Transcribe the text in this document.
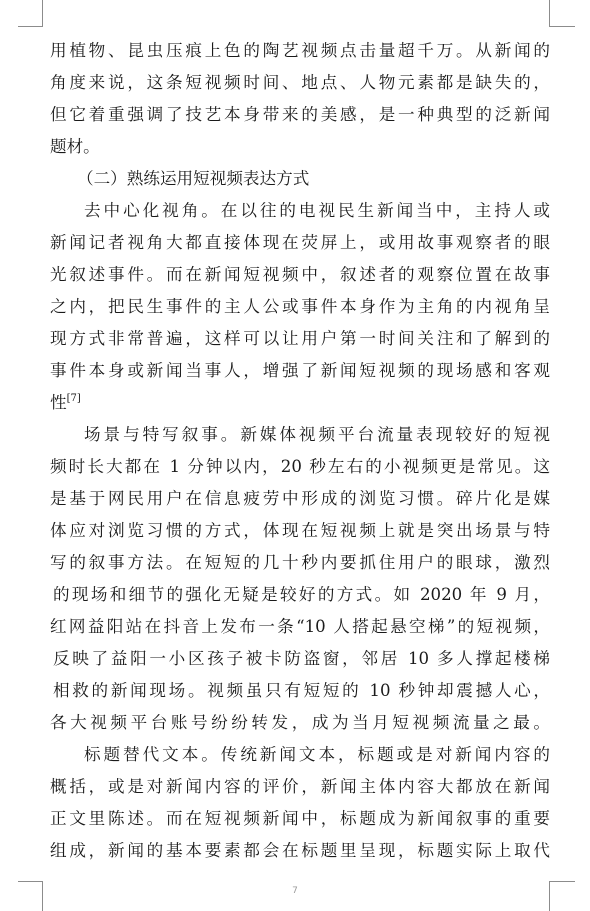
用植物、昆虫压痕上色的陶艺视频点击量超千万。从新闻的
角度来说，这条短视频时间、地点、人物元素都是缺失的，
但它着重强调了技艺本身带来的美感，是一种典型的泛新闻
题材。
（二）熟练运用短视频表达方式
去中心化视角。在以往的电视民生新闻当中，主持人或
新闻记者视角大都直接体现在荧屏上，或用故事观察者的眼
光叙述事件。而在新闻短视频中，叙述者的观察位置在故事
之内，把民生事件的主人公或事件本身作为主角的内视角呈
现方式非常普遍，这样可以让用户第一时间关注和了解到的
事件本身或新闻当事人，增强了新闻短视频的现场感和客观
性[7]
场景与特写叙事。新媒体视频平台流量表现较好的短视
频时长大都在 1 分钟以内，20 秒左右的小视频更是常见。这
是基于网民用户在信息疲劳中形成的浏览习惯。碎片化是媒
体应对浏览习惯的方式，体现在短视频上就是突出场景与特
写的叙事方法。在短短的几十秒内要抓住用户的眼球，激烈
的现场和细节的强化无疑是较好的方式。如 2020 年 9 月，
红网益阳站在抖音上发布一条“10 人搭起悬空梯”的短视频，
反映了益阳一小区孩子被卡防盗窗，邻居 10 多人撑起楼梯
相救的新闻现场。视频虽只有短短的 10 秒钟却震撼人心，
各大视频平台账号纷纷转发，成为当月短视频流量之最。
标题替代文本。传统新闻文本，标题或是对新闻内容的
概括，或是对新闻内容的评价，新闻主体内容大都放在新闻
正文里陈述。而在短视频新闻中，标题成为新闻叙事的重要
组成，新闻的基本要素都会在标题里呈现，标题实际上取代
7
